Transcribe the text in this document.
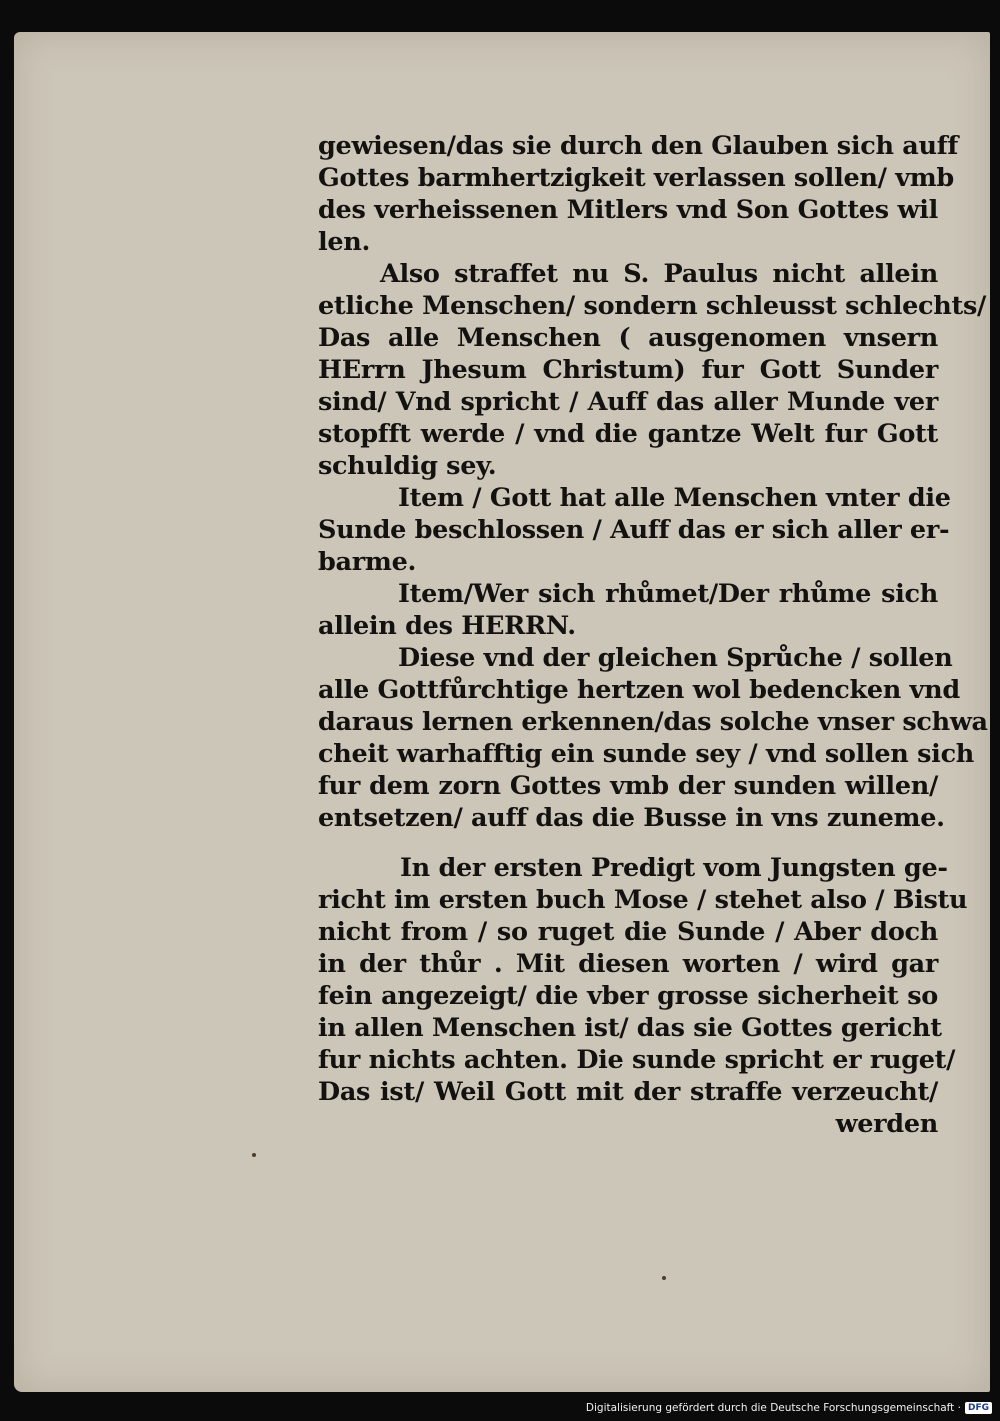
gewiesen/das sie durch den Glauben sich auff
Gottes barmhertzigkeit verlassen sollen/ vmb
des verheissenen Mitlers vnd Son Gottes wil
len.
Also straffet nu S. Paulus nicht allein
etliche Menschen/ sondern schleusst schlechts/
Das alle Menschen ( ausgenomen vnsern
HErrn Jhesum Christum) fur Gott Sunder
sind/ Vnd spricht / Auff das aller Munde ver
stopfft werde / vnd die gantze Welt fur Gott
schuldig sey.
Item / Gott hat alle Menschen vnter die
Sunde beschlossen / Auff das er sich aller er-
barme.
Item/Wer sich rhůmet/Der rhůme sich
allein des HERRN.
Diese vnd der gleichen Sprůche / sollen
alle Gottfůrchtige hertzen wol bedencken vnd
daraus lernen erkennen/das solche vnser schwa
cheit warhafftig ein sunde sey / vnd sollen sich
fur dem zorn Gottes vmb der sunden willen/
entsetzen/ auff das die Busse in vns zuneme.
In der ersten Predigt vom Jungsten ge-
richt im ersten buch Mose / stehet also / Bistu
nicht from / so ruget die Sunde / Aber doch
in der thůr . Mit diesen worten / wird gar
fein angezeigt/ die vber grosse sicherheit so
in allen Menschen ist/ das sie Gottes gericht
fur nichts achten. Die sunde spricht er ruget/
Das ist/ Weil Gott mit der straffe verzeucht/
werden
Digitalisierung gefördert durch die Deutsche Forschungsgemeinschaft · DFG
